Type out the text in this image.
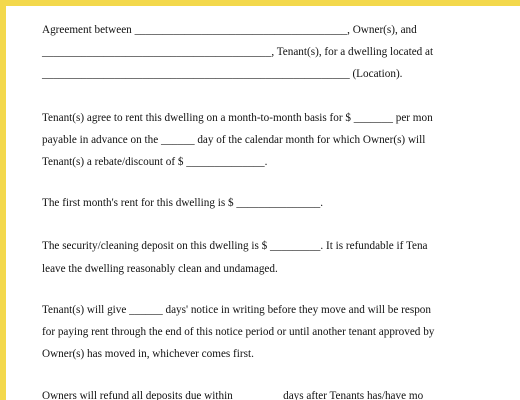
Agreement between ______________________________________, Owner(s), and
_________________________________________, Tenant(s), for a dwelling located at
_______________________________________________________ (Location).
Tenant(s) agree to rent this dwelling on a month-to-month basis for $ _______ per mon
payable in advance on the ______ day of the calendar month for which Owner(s) will
Tenant(s) a rebate/discount of $ ______________.
The first month's rent for this dwelling is $ _______________.
The security/cleaning deposit on this dwelling is $ _________. It is refundable if Tena
leave the dwelling reasonably clean and undamaged.
Tenant(s) will give ______ days' notice in writing before they move and will be respon
for paying rent through the end of this notice period or until another tenant approved by
Owner(s) has moved in, whichever comes first.
Owners will refund all deposits due within ________ days after Tenants has/have mo
